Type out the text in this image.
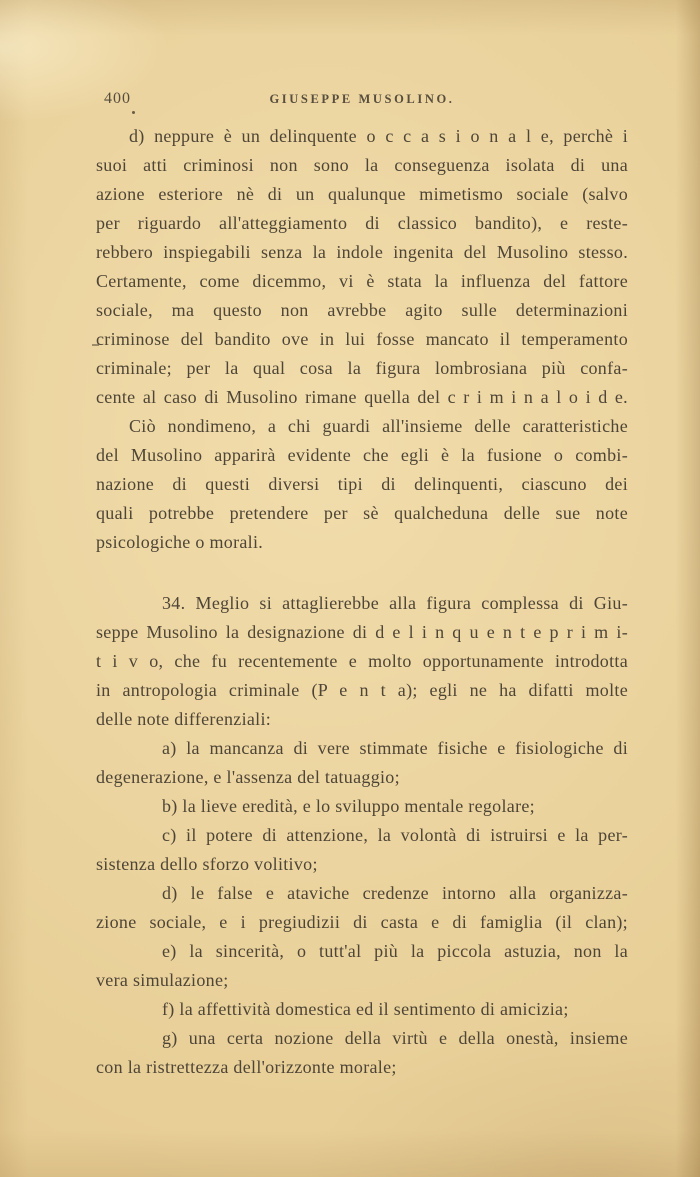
400	GIUSEPPE MUSOLINO.
d) neppure è un delinquente o c c a s i o n a l e, perchè i
suoi atti criminosi non sono la conseguenza isolata di una
azione esteriore nè di un qualunque mimetismo sociale (salvo
per riguardo all'atteggiamento di classico bandito), e reste-
rebbero inspiegabili senza la indole ingenita del Musolino stesso.
Certamente, come dicemmo, vi è stata la influenza del fattore
sociale, ma questo non avrebbe agito sulle determinazioni
criminose del bandito ove in lui fosse mancato il temperamento
criminale; per la qual cosa la figura lombrosiana più confa-
cente al caso di Musolino rimane quella del c r i m i n a l o i d e.
Ciò nondimeno, a chi guardi all'insieme delle caratteristiche
del Musolino apparirà evidente che egli è la fusione o combi-
nazione di questi diversi tipi di delinquenti, ciascuno dei
quali potrebbe pretendere per sè qualcheduna delle sue note
psicologiche o morali.
34. Meglio si attaglierebbe alla figura complessa di Giu-
seppe Musolino la designazione di d e l i n q u e n t e p r i m i-
t i v o, che fu recentemente e molto opportunamente introdotta
in antropologia criminale (P e n t a); egli ne ha difatti molte
delle note differenziali:
a) la mancanza di vere stimmate fisiche e fisiologiche di
degenerazione, e l'assenza del tatuaggio;
b) la lieve eredità, e lo sviluppo mentale regolare;
c) il potere di attenzione, la volontà di istruirsi e la per-
sistenza dello sforzo volitivo;
d) le false e ataviche credenze intorno alla organizza-
zione sociale, e i pregiudizii di casta e di famiglia (il clan);
e) la sincerità, o tutt'al più la piccola astuzia, non la
vera simulazione;
f) la affettività domestica ed il sentimento di amicizia;
g) una certa nozione della virtù e della onestà, insieme
con la ristrettezza dell'orizzonte morale;
